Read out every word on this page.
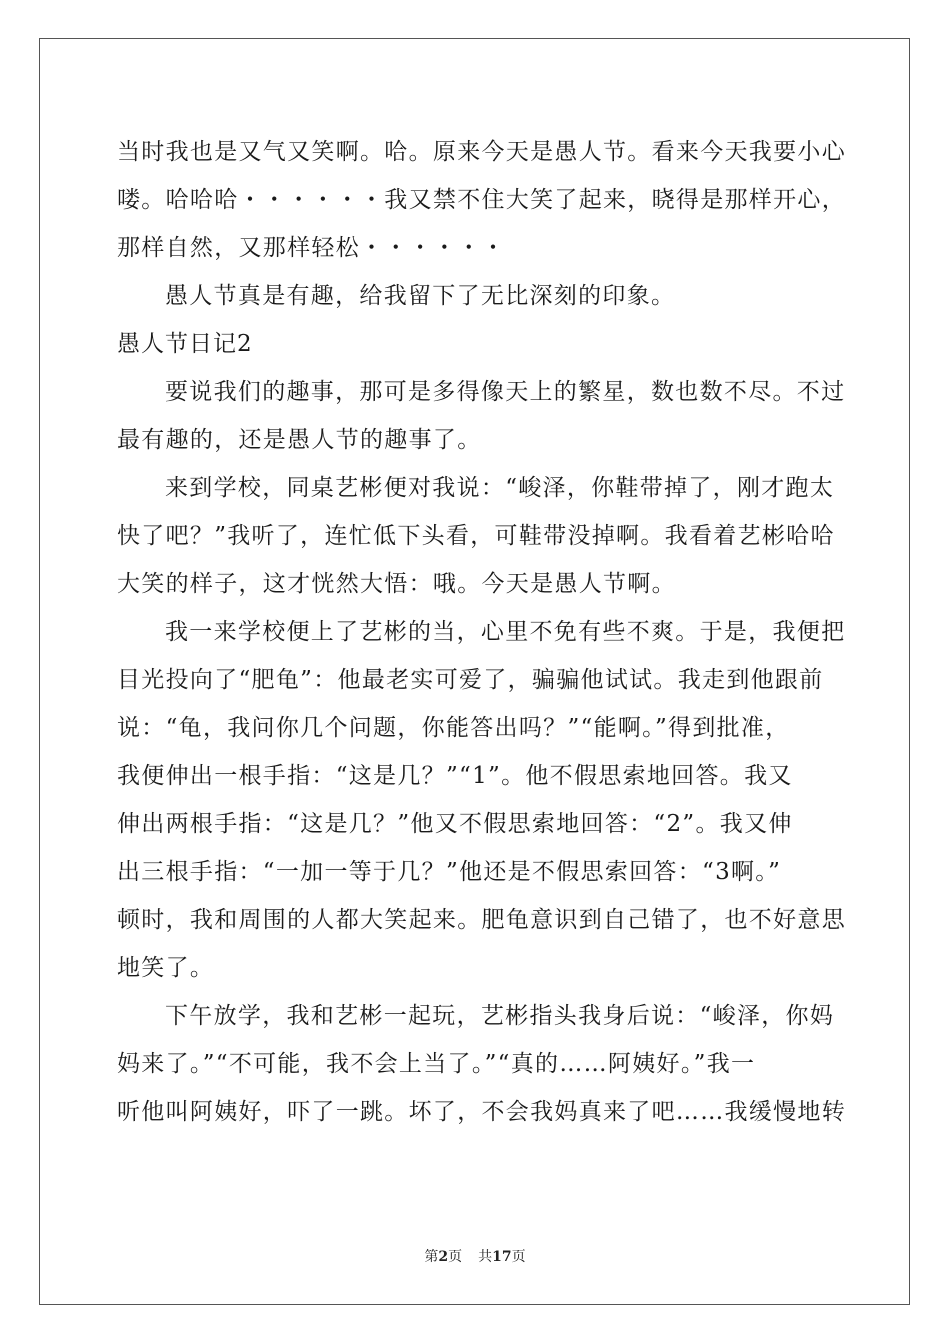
当时我也是又气又笑啊。哈。原来今天是愚人节。看来今天我要小心
喽。哈哈哈・・・・・・我又禁不住大笑了起来，晓得是那样开心，
那样自然，又那样轻松・・・・・・
愚人节真是有趣，给我留下了无比深刻的印象。
愚人节日记2
要说我们的趣事，那可是多得像天上的繁星，数也数不尽。不过
最有趣的，还是愚人节的趣事了。
来到学校，同桌艺彬便对我说：“峻泽，你鞋带掉了，刚才跑太
快了吧？”我听了，连忙低下头看，可鞋带没掉啊。我看着艺彬哈哈
大笑的样子，这才恍然大悟：哦。今天是愚人节啊。
我一来学校便上了艺彬的当，心里不免有些不爽。于是，我便把
目光投向了“肥龟”：他最老实可爱了，骗骗他试试。我走到他跟前
说：“龟，我问你几个问题，你能答出吗？”“能啊。”得到批准，
我便伸出一根手指：“这是几？”“1”。他不假思索地回答。我又
伸出两根手指：“这是几？”他又不假思索地回答：“2”。我又伸
出三根手指：“一加一等于几？”他还是不假思索回答：“3啊。”
顿时，我和周围的人都大笑起来。肥龟意识到自己错了，也不好意思
地笑了。
下午放学，我和艺彬一起玩，艺彬指头我身后说：“峻泽，你妈
妈来了。”“不可能，我不会上当了。”“真的……阿姨好。”我一
听他叫阿姨好，吓了一跳。坏了，不会我妈真来了吧……我缓慢地转
第2页 共17页
